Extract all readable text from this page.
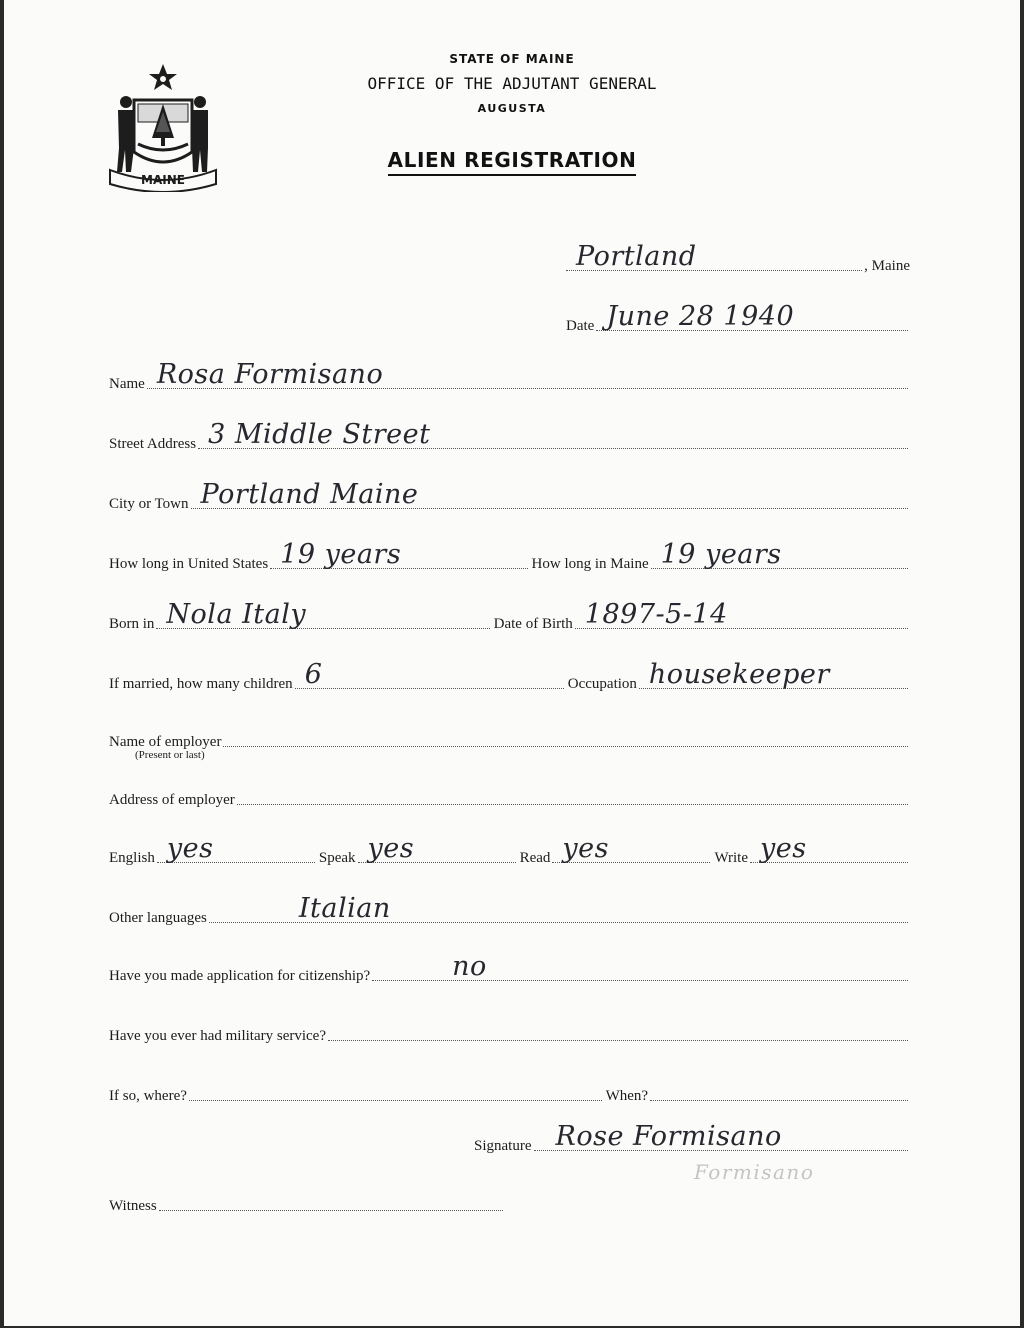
MAINE
STATE OF MAINE
OFFICE OF THE ADJUTANT GENERAL
AUGUSTA
ALIEN REGISTRATION
Portland	, Maine
Date June 28 1940
Name Rosa Formisano
Street Address 3 Middle Street
City or Town Portland Maine
How long in United States 19 years	How long in Maine 19 years
Born in Nola Italy	Date of Birth 1897-5-14
If married, how many children 6	Occupation housekeeper
Name of employer
(Present or last)
Address of employer
English yes	Speak yes	Read yes	Write yes
Other languages	Italian
Have you made application for citizenship?	no
Have you ever had military service?
If so, where?	When?
Signature Rose Formisano
Formisano
Witness
